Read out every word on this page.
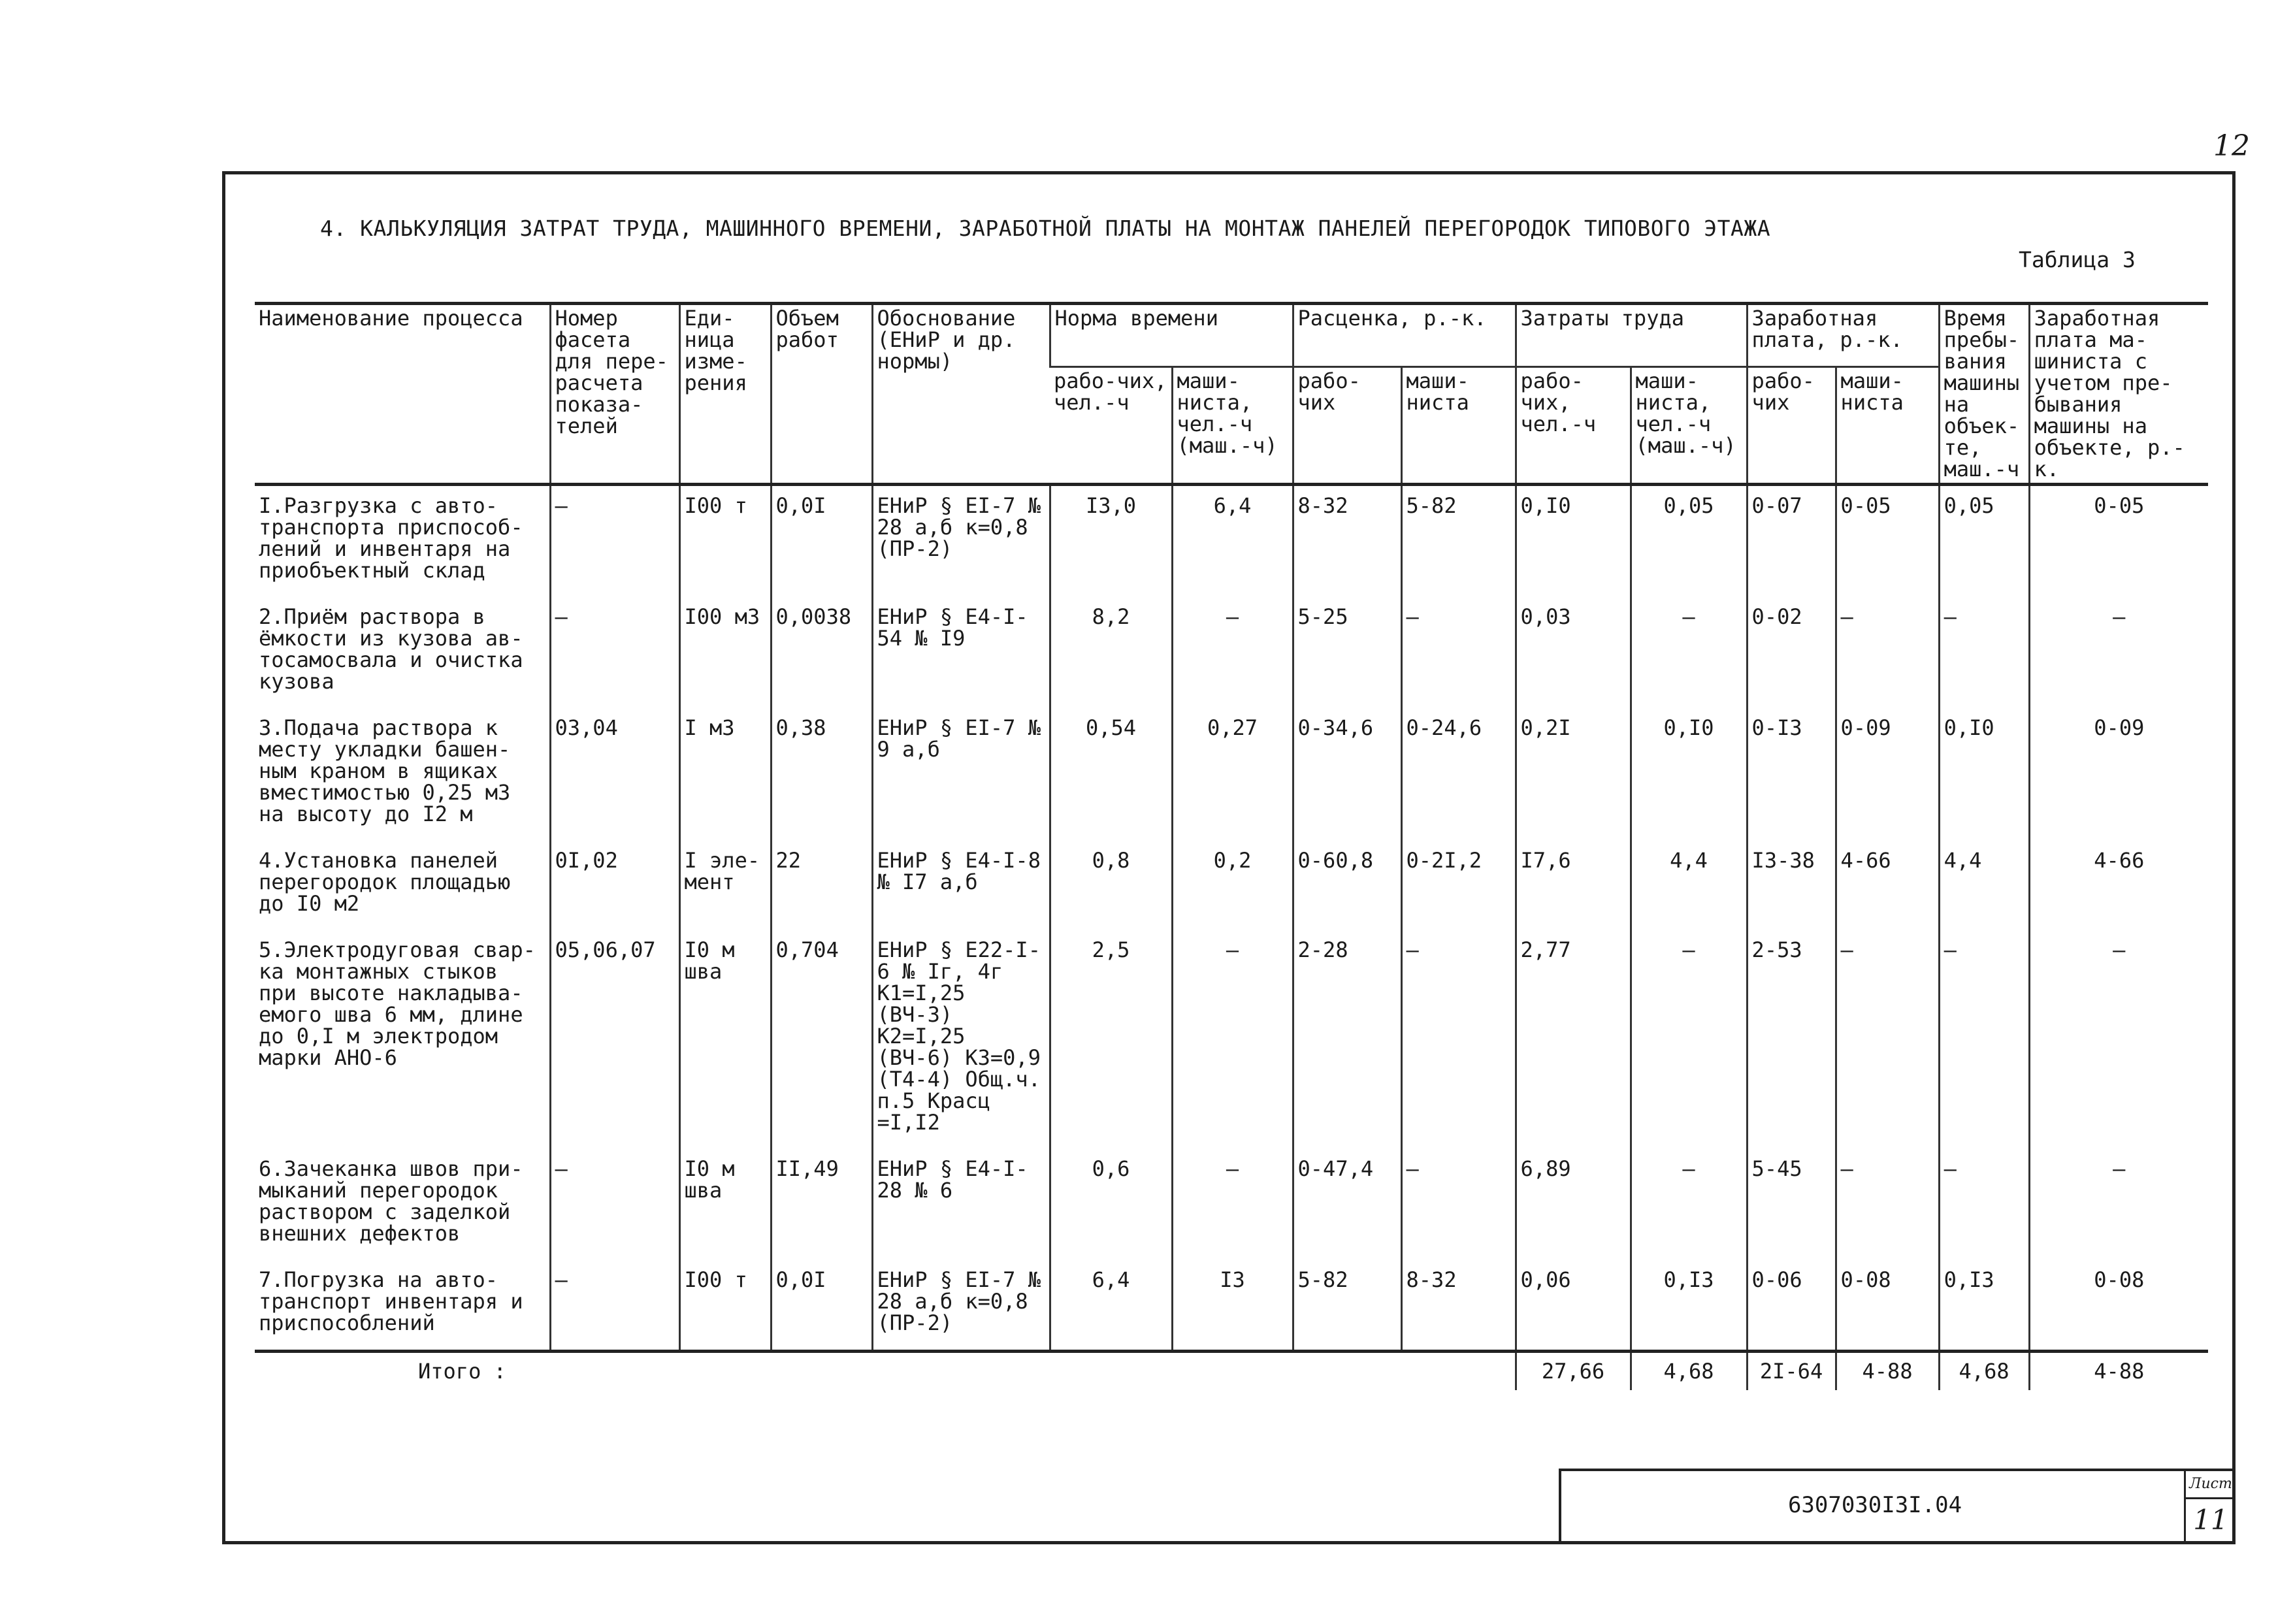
12
4. КАЛЬКУЛЯЦИЯ ЗАТРАТ ТРУДА, МАШИННОГО ВРЕМЕНИ, ЗАРАБОТНОЙ ПЛАТЫ НА МОНТАЖ ПАНЕЛЕЙ ПЕРЕГОРОДОК ТИПОВОГО ЭТАЖА
Таблица 3
Наименование процесса	Номер фасета для пере-расчета показа-телей	Еди-ница изме-рения	Объем работ	Обоснование (ЕНиР и др. нормы)	Норма времени		Расценка, р.-к.		Затраты труда		Заработная плата, р.-к.		Время пребы-вания машины на объек-те, маш.-ч	Заработная плата ма-шиниста с учетом пре-бывания машины на объекте, р.-к.
					рабо-чих, чел.-ч	маши-ниста, чел.-ч (маш.-ч)	рабо-чих	маши-ниста	рабо-чих, чел.-ч	маши-ниста, чел.-ч (маш.-ч)	рабо-чих	маши-ниста		
I.Разгрузка с авто-транспорта приспособ-лений и инвентаря на приобъектный склад	–	I00 т	0,0I	ЕНиР § EI-7 № 28 а,б к=0,8 (ПР-2)	I3,0	6,4	8-32	5-82	0,I0	0,05	0-07	0-05	0,05	0-05
2.Приём раствора в ёмкости из кузова ав-тосамосвала и очистка кузова	–	I00 м3	0,0038	ЕНиР § Е4-I-54 № I9	8,2	–	5-25	–	0,03	–	0-02	–	–	–
3.Подача раствора к месту укладки башен-ным краном в ящиках вместимостью 0,25 м3 на высоту до I2 м	03,04	I м3	0,38	ЕНиР § EI-7 № 9 а,б	0,54	0,27	0-34,6	0-24,6	0,2I	0,I0	0-I3	0-09	0,I0	0-09
4.Установка панелей перегородок площадью до I0 м2	0I,02	I эле-мент	22	ЕНиР § Е4-I-8 № I7 а,б	0,8	0,2	0-60,8	0-2I,2	I7,6	4,4	I3-38	4-66	4,4	4-66
5.Электродуговая свар-ка монтажных стыков при высоте накладыва-емого шва 6 мм, длине до 0,I м электродом марки АНО-6	05,06,07	I0 м шва	0,704	ЕНиР § Е22-I-6 № Iг, 4г K1=I,25 (ВЧ-3) K2=I,25 (ВЧ-6) K3=0,9 (Т4-4) Общ.ч. п.5 Красц =I,I2	2,5	–	2-28	–	2,77	–	2-53	–	–	–
6.Зачеканка швов при-мыканий перегородок раствором с заделкой внешних дефектов	–	I0 м шва	II,49	ЕНиР § Е4-I-28 № 6	0,6	–	0-47,4	–	6,89	–	5-45	–	–	–
7.Погрузка на авто-транспорт инвентаря и приспособлений	–	I00 т	0,0I	ЕНиР § EI-7 № 28 а,б к=0,8 (ПР-2)	6,4	I3	5-82	8-32	0,06	0,I3	0-06	0-08	0,I3	0-08
Итого :									27,66	4,68	2I-64	4-88	4,68	4-88
6307030I3I.04
Лист
11
